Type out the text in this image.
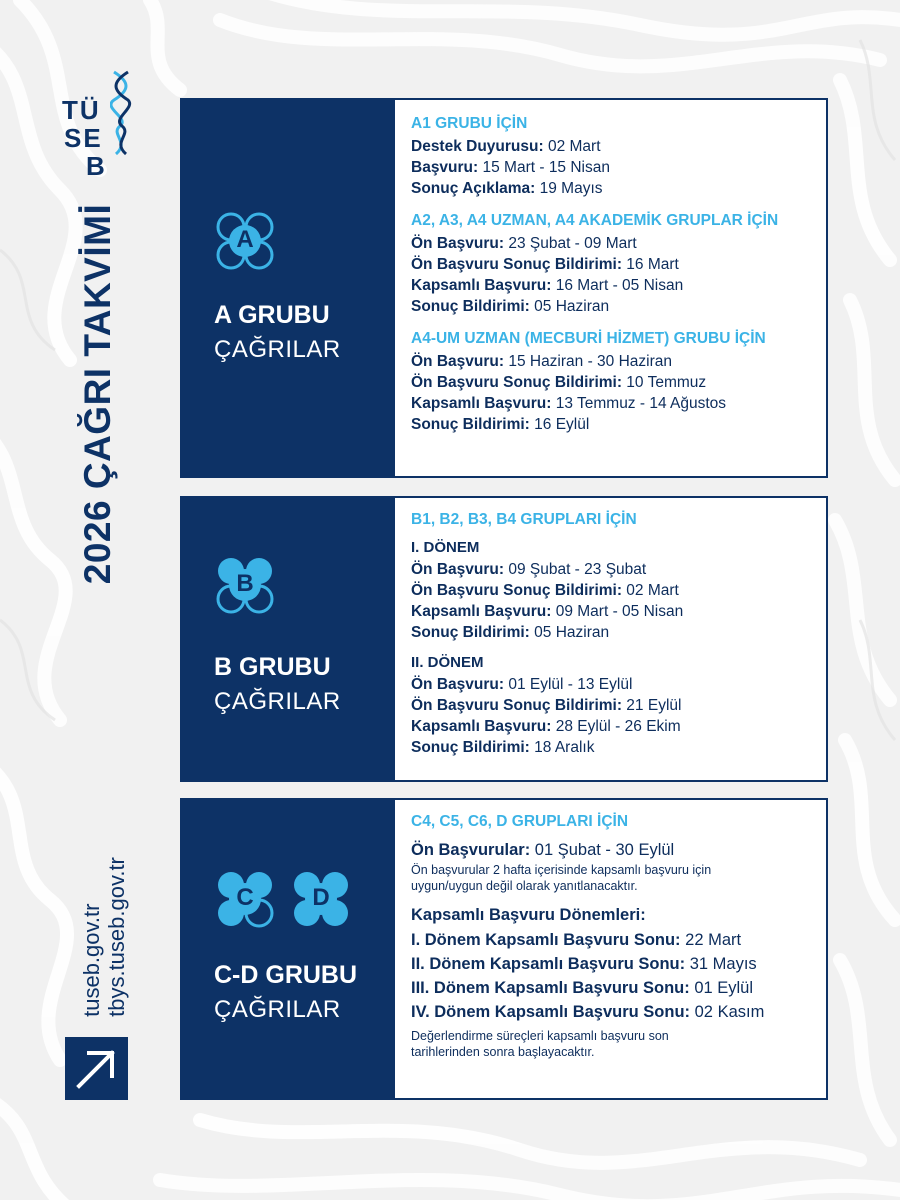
TÜ
SE
B
2026 ÇAĞRI TAKVİMİ
tuseb.gov.tr tbys.tuseb.gov.tr
A
A GRUBU
ÇAĞRILAR
A1 GRUBU İÇİN
Destek Duyurusu: 02 Mart
Başvuru: 15 Mart - 15 Nisan
Sonuç Açıklama: 19 Mayıs
A2, A3, A4 UZMAN, A4 AKADEMİK GRUPLAR İÇİN
Ön Başvuru: 23 Şubat - 09 Mart
Ön Başvuru Sonuç Bildirimi: 16 Mart
Kapsamlı Başvuru: 16 Mart - 05 Nisan
Sonuç Bildirimi: 05 Haziran
A4-UM UZMAN (MECBURİ HİZMET) GRUBU İÇİN
Ön Başvuru: 15 Haziran - 30 Haziran
Ön Başvuru Sonuç Bildirimi: 10 Temmuz
Kapsamlı Başvuru: 13 Temmuz - 14 Ağustos
Sonuç Bildirimi: 16 Eylül
B
B GRUBU
ÇAĞRILAR
B1, B2, B3, B4 GRUPLARI İÇİN
I. DÖNEM
Ön Başvuru: 09 Şubat - 23 Şubat
Ön Başvuru Sonuç Bildirimi: 02 Mart
Kapsamlı Başvuru: 09 Mart - 05 Nisan
Sonuç Bildirimi: 05 Haziran
II. DÖNEM
Ön Başvuru: 01 Eylül - 13 Eylül
Ön Başvuru Sonuç Bildirimi: 21 Eylül
Kapsamlı Başvuru: 28 Eylül - 26 Ekim
Sonuç Bildirimi: 18 Aralık
C	D
C-D GRUBU
ÇAĞRILAR
C4, C5, C6, D GRUPLARI İÇİN
Ön Başvurular: 01 Şubat - 30 Eylül
Ön başvurular 2 hafta içerisinde kapsamlı başvuru için
uygun/uygun değil olarak yanıtlanacaktır.
Kapsamlı Başvuru Dönemleri:
I. Dönem Kapsamlı Başvuru Sonu: 22 Mart
II. Dönem Kapsamlı Başvuru Sonu: 31 Mayıs
III. Dönem Kapsamlı Başvuru Sonu: 01 Eylül
IV. Dönem Kapsamlı Başvuru Sonu: 02 Kasım
Değerlendirme süreçleri kapsamlı başvuru son
tarihlerinden sonra başlayacaktır.
